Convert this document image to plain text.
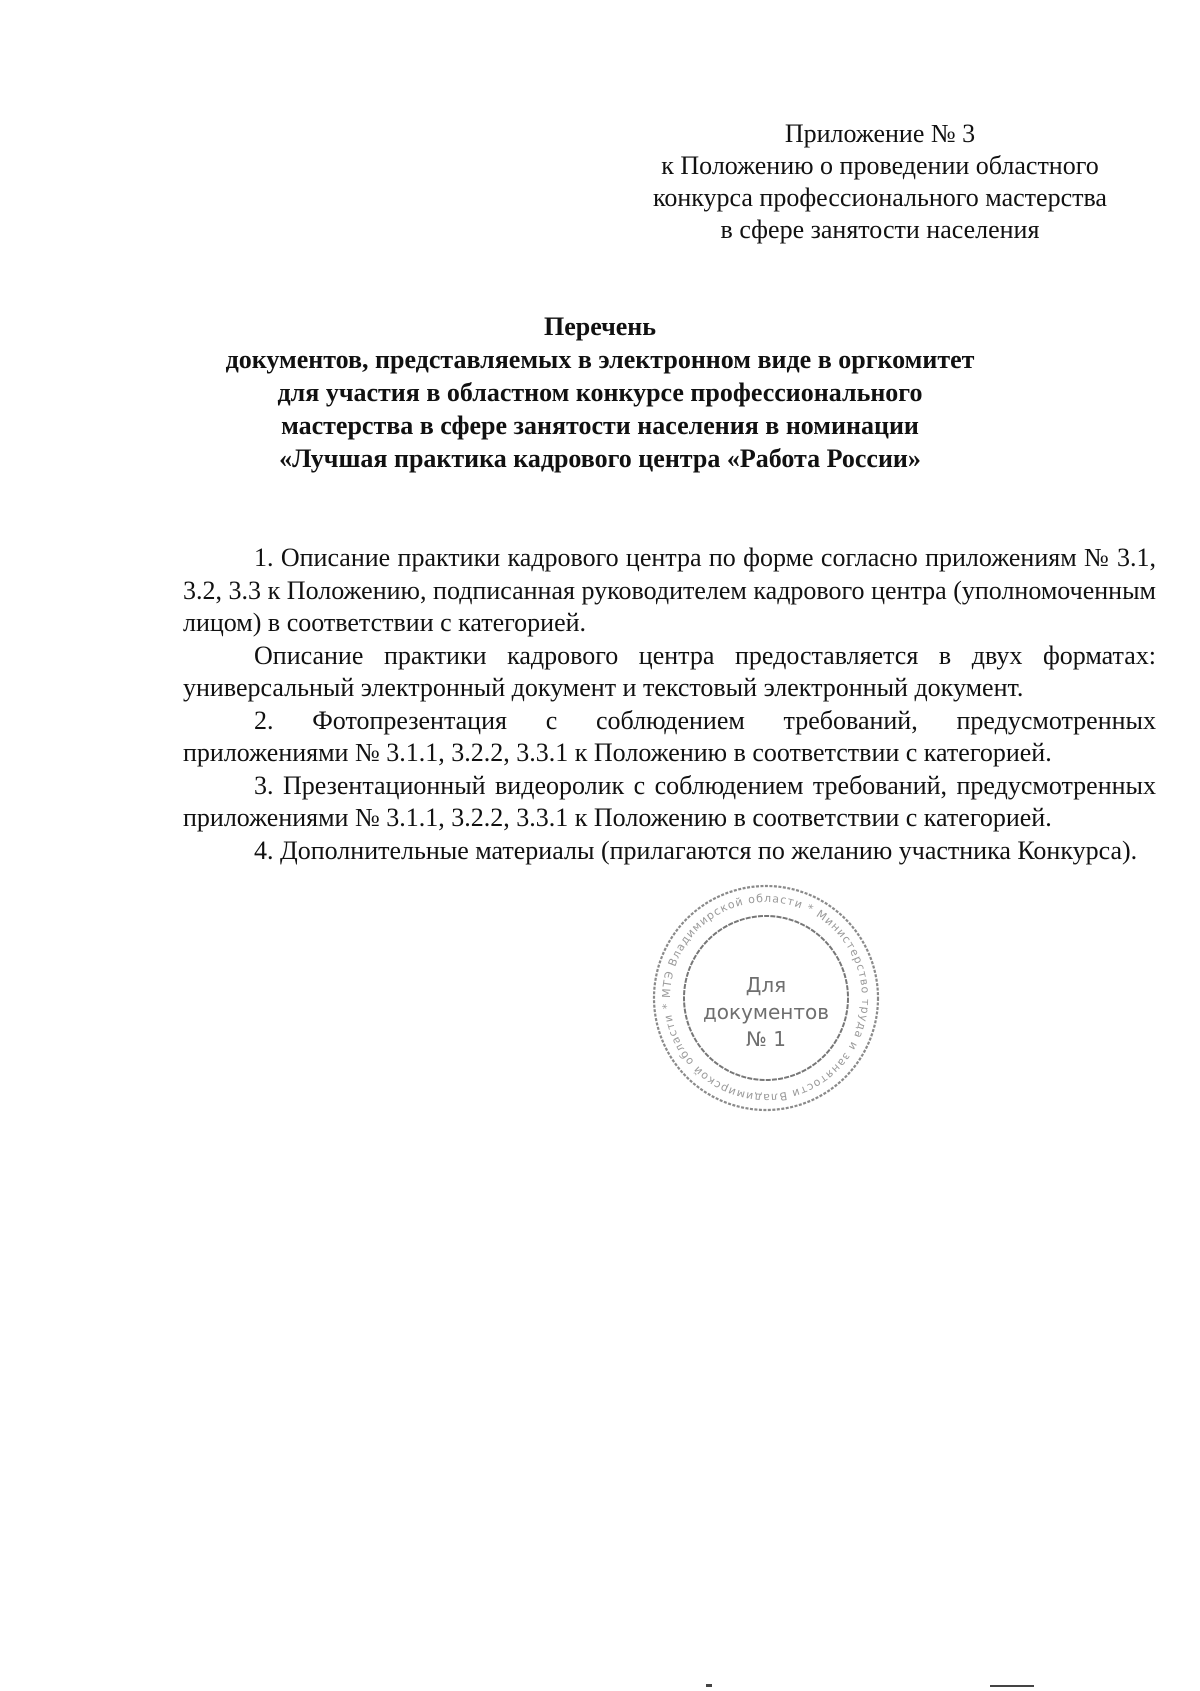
Приложение № 3
к Положению о проведении областного
конкурса профессионального мастерства
в сфере занятости населения
Перечень
документов, представляемых в электронном виде в оргкомитет
для участия в областном конкурсе профессионального
мастерства в сфере занятости населения в номинации
«Лучшая практика кадрового центра «Работа России»

1. Описание практики кадрового центра по форме согласно приложениям № 3.1, 3.2, 3.3 к Положению, подписанная руководителем кадрового центра (уполномоченным лицом) в соответствии с категорией.

Описание практики кадрового центра предоставляется в двух форматах: универсальный электронный документ и текстовый электронный документ.

2. Фотопрезентация с соблюдением требований, предусмотренных приложениями № 3.1.1, 3.2.2, 3.3.1 к Положению в соответствии с категорией.

3. Презентационный видеоролик с соблюдением требований, предусмотренных приложениями № 3.1.1, 3.2.2, 3.3.1 к Положению в соответствии с категорией.

4. Дополнительные материалы (прилагаются по желанию участника Конкурса).

МТЭ Владимирской области * Министерство труда и занятости Владимирской области *
Для
документов
№ 1
